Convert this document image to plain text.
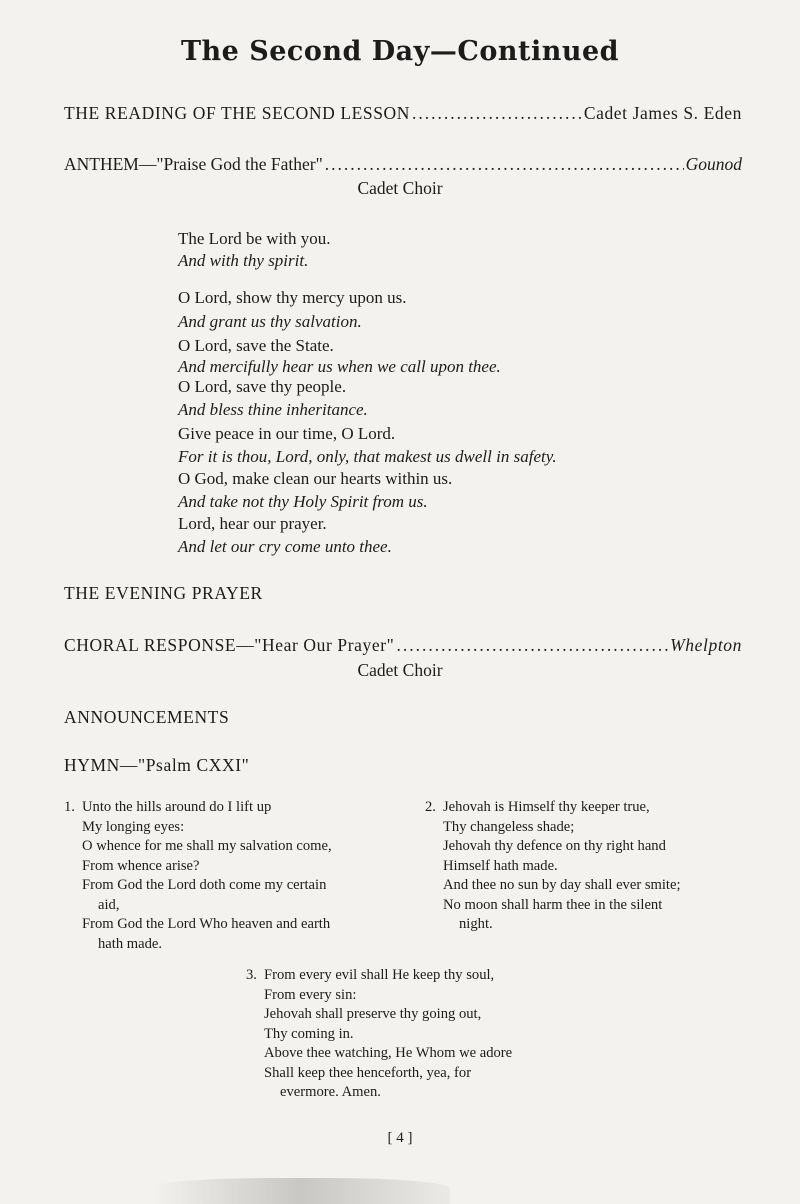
The Second Day—Continued
THE READING OF THE SECOND LESSON .....	Cadet James S. Eden
ANTHEM—"Praise God the Father" .....	Gounod
Cadet Choir
The Lord be with you.
And with thy spirit.
O Lord, show thy mercy upon us.
And grant us thy salvation.
O Lord, save the State.
And mercifully hear us when we call upon thee.
O Lord, save thy people.
And bless thine inheritance.
Give peace in our time, O Lord.
For it is thou, Lord, only, that makest us dwell in safety.
O God, make clean our hearts within us.
And take not thy Holy Spirit from us.
Lord, hear our prayer.
And let our cry come unto thee.
THE EVENING PRAYER
CHORAL RESPONSE—"Hear Our Prayer" .....	Whelpton
Cadet Choir
ANNOUNCEMENTS
HYMN—"Psalm CXXI"
1. Unto the hills around do I lift up
My longing eyes:
O whence for me shall my salvation come,
From whence arise?
From God the Lord doth come my certain
aid,
From God the Lord Who heaven and earth
hath made.
2. Jehovah is Himself thy keeper true,
Thy changeless shade;
Jehovah thy defence on thy right hand
Himself hath made.
And thee no sun by day shall ever smite;
No moon shall harm thee in the silent
night.
3. From every evil shall He keep thy soul,
From every sin:
Jehovah shall preserve thy going out,
Thy coming in.
Above thee watching, He Whom we adore
Shall keep thee henceforth, yea, for
evermore. Amen.
[ 4 ]
